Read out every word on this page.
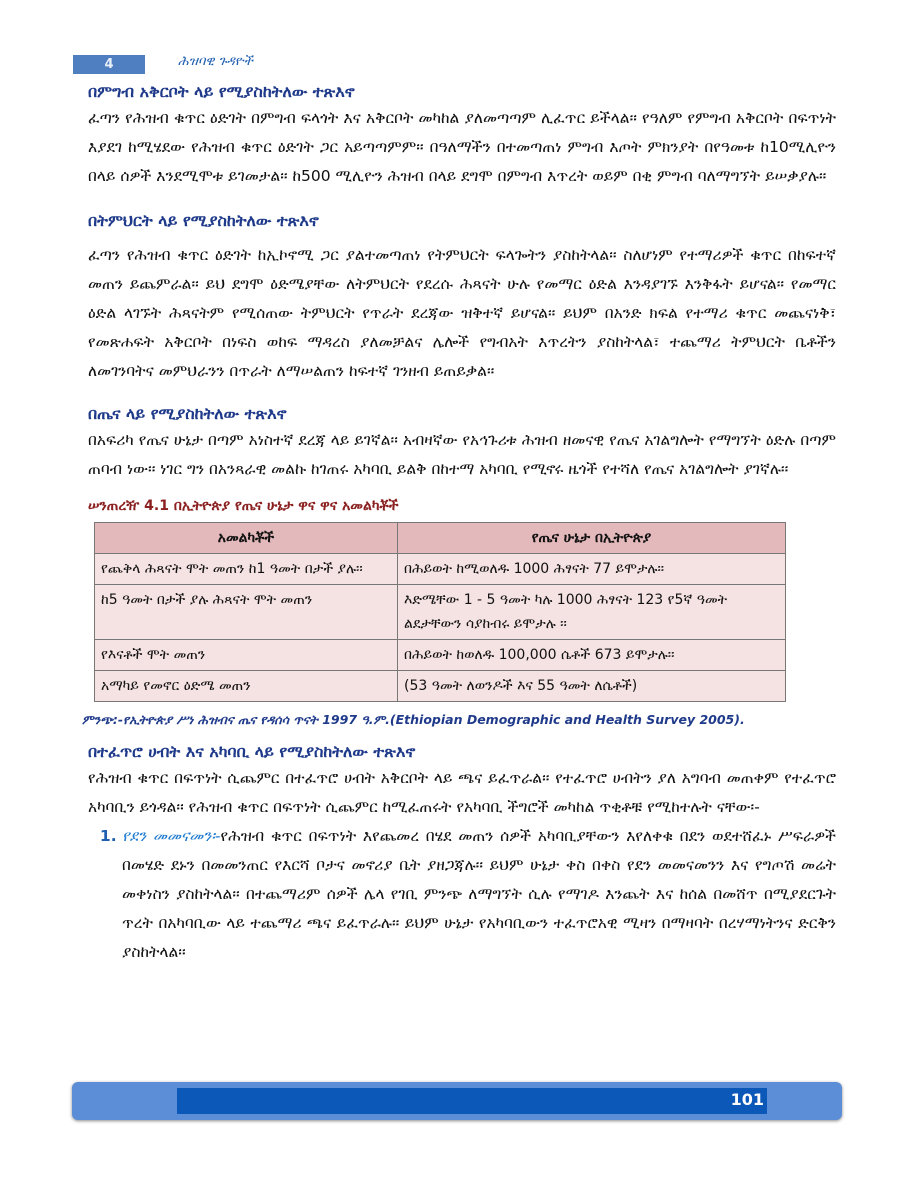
4	ሕዝባዊ ጉዳዮች
በምግብ አቅርቦት ላይ የሚያስከትለው ተጽእኖ

ፈጣን የሕዝብ ቁጥር ዕድገት በምግብ ፍላጎት እና አቅርቦት መካከል ያለመጣጣም ሊፈጥር ይችላል፡፡ የዓለም የምግብ አቅርቦት በፍጥነት እያደገ ከሚሄደው የሕዝብ ቁጥር ዕድገት ጋር አይጣጣምም፡፡ በዓለማችን በተመጣጠነ ምግብ እጦት ምክንያት በየዓመቱ ከ10ሚሊዮን በላይ ሰዎች እንደሚሞቱ ይገመታል፡፡ ከ500 ሚሊዮን ሕዝብ በላይ ደግሞ በምግብ እጥረት ወይም በቂ ምግብ ባለማግኘት ይሠቃያሉ፡፡

በትምህርት ላይ የሚያስከትለው ተጽእኖ

ፈጣን የሕዝብ ቁጥር ዕድገት ከኢኮኖሚ ጋር ያልተመጣጠነ የትምህርት ፍላጐትን ያስከትላል፡፡ ስለሆነም የተማሪዎች ቁጥር በከፍተኛ መጠን ይጨምራል፡፡ ይህ ደግሞ ዕድሜያቸው ለትምህርት የደረሱ ሕጻናት ሁሉ የመማር ዕድል እንዳያገኙ እንቅፋት ይሆናል፡፡ የመማር ዕድል ላገኙት ሕጻናትም የሚሰጠው ትምህርት የጥራት ደረጃው ዝቅተኛ ይሆናል፡፡ ይህም በአንድ ክፍል የተማሪ ቁጥር መጨናነቅ፣ የመጽሐፍት አቅርቦት በነፍስ ወከፍ ማዳረስ ያለመቻልና ሌሎች የግብአት እጥረትን ያስከትላል፣ ተጨማሪ ትምህርት ቤቶችን ለመገንባትና መምህራንን በጥራት ለማሠልጠን ከፍተኛ ገንዘብ ይጠይቃል፡፡

በጤና ላይ የሚያስከትለው ተጽእኖ

በአፍሪካ የጤና ሁኔታ በጣም አነስተኛ ደረጃ ላይ ይገኛል፡፡ አብዛኛው የአኅጉሪቱ ሕዝብ ዘመናዊ የጤና አገልግሎት የማግኘት ዕድሉ በጣም ጠባብ ነው፡፡ ነገር ግን በአንጻራዊ መልኩ ከገጠሩ አካባቢ ይልቅ በከተማ አካባቢ የሚኖሩ ዜጎች የተሻለ የጤና አገልግሎት ያገኛሉ፡፡

ሠንጠረዥ 4.1 በኢትዮጵያ የጤና ሁኔታ ዋና ዋና አመልካቾች
አመልካቾች	የጤና ሁኔታ በኢትዮጵያ
የጨቅላ ሕጻናት ሞት መጠን ከ1 ዓመት በታች ያሉ፡፡	በሕይወት ከሚወለዱ 1000 ሕፃናት 77 ይሞታሉ፡፡
ከ5 ዓመት በታች ያሉ ሕጻናት ሞት መጠን	እድሜቸው 1 - 5 ዓመት ካሉ 1000 ሕፃናት 123 የ5ኛ ዓመት ልደታቸውን ሳያከብሩ ይሞታሉ ፡፡
የእናቶች ሞት መጠን	በሕይወት ከወለዱ 100,000 ሴቶች 673 ይሞታሉ፡፡
አማካይ የመኖር ዕድሜ መጠን	(53 ዓመት ለወንዶች እና 55 ዓመት ለሴቶች)
ምንጭ:-የኢትዮጵያ ሥነ ሕዝብና ጤና የዳሰሳ ጥናት 1997 ዓ.ም.(Ethiopian Demographic and Health Survey 2005).
በተፈጥሮ ሀብት እና አካባቢ ላይ የሚያስከትለው ተጽእኖ

የሕዝብ ቁጥር በፍጥነት ሲጨምር በተፈጥሮ ሀብት አቅርቦት ላይ ጫና ይፈጥራል፡፡ የተፈጥሮ ሀብትን ያለ አግባብ መጠቀም የተፈጥሮ አካባቢን ይጎዳል፡፡ የሕዝብ ቁጥር በፍጥነት ሲጨምር ከሚፈጠሩት የአካባቢ ችግሮች መካከል ጥቂቶቹ የሚከተሉት ናቸው፡-

1. የደን መመናመን፡-የሕዝብ ቁጥር በፍጥነት እየጨመረ በሄደ መጠን ሰዎች አካባቢያቸውን እየለቀቁ በደን ወደተሸፈኑ ሥፍራዎች በመሄድ ደኑን በመመንጠር የእርሻ ቦታና መኖሪያ ቤት ያዘጋጃሉ፡፡ ይህም ሁኔታ ቀስ በቀስ የደን መመናመንን እና የግጦሽ መሬት መቀነስን ያስከትላል፡፡ በተጨማሪም ሰዎች ሌላ የገቢ ምንጭ ለማግኘት ሲሉ የማገዶ እንጨት እና ከሰል በመሸጥ በሚያደርጉት ጥረት በአካባቢው ላይ ተጨማሪ ጫና ይፈጥራሉ፡፡ ይህም ሁኔታ የአካባቢውን ተፈጥሮአዊ ሚዛን በማዛባት በረሃማነትንና ድርቅን ያስከትላል፡፡
101
